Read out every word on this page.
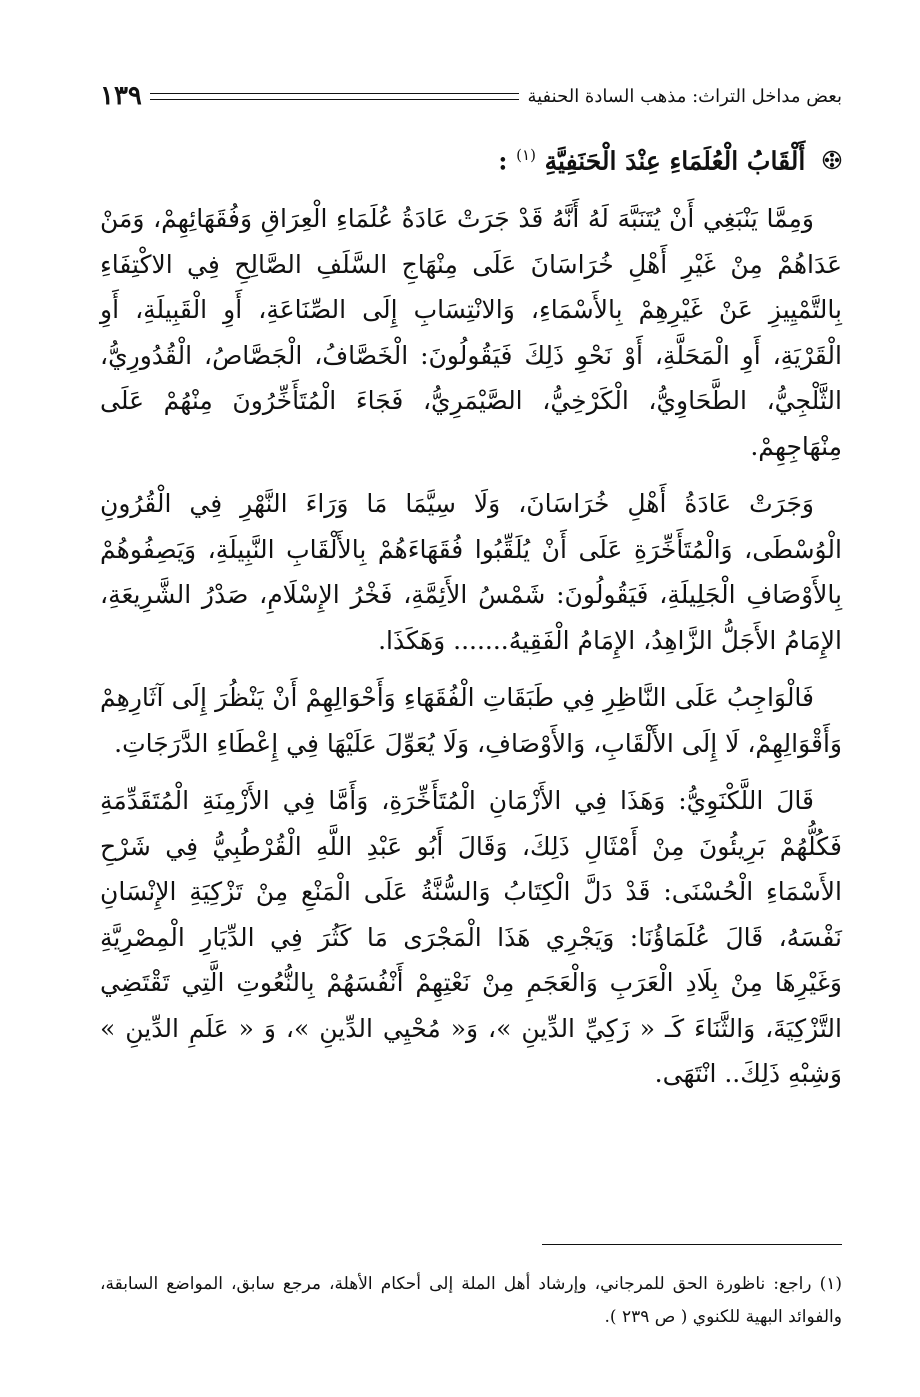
بعض مداخل التراث: مذهب السادة الحنفية
١٣٩
أَلْقَابُ الْعُلَمَاءِ عِنْدَ الْحَنَفِيَّةِ $^{(١)}$ :

وَمِمَّا يَنْبَغِي أَنْ يُتَنَبَّهَ لَهُ أَنَّهُ قَدْ جَرَتْ عَادَةُ عُلَمَاءِ الْعِرَاقِ وَفُقَهَائِهِمْ، وَمَنْ عَدَاهُمْ مِنْ غَيْرِ أَهْلِ خُرَاسَانَ عَلَى مِنْهَاجِ السَّلَفِ الصَّالِحِ فِي الاكْتِفَاءِ بِالتَّمْيِيزِ عَنْ غَيْرِهِمْ بِالأَسْمَاءِ، وَالانْتِسَابِ إِلَى الصِّنَاعَةِ، أَوِ الْقَبِيلَةِ، أَوِ الْقَرْيَةِ، أَوِ الْمَحَلَّةِ، أَوْ نَحْوِ ذَلِكَ فَيَقُولُونَ: الْخَصَّافُ، الْجَصَّاصُ، الْقُدُورِيُّ، الثَّلْجِيُّ، الطَّحَاوِيُّ، الْكَرْخِيُّ، الصَّيْمَرِيُّ، فَجَاءَ الْمُتَأَخِّرُونَ مِنْهُمْ عَلَى مِنْهَاجِهِمْ.

وَجَرَتْ عَادَةُ أَهْلِ خُرَاسَانَ، وَلَا سِيَّمَا مَا وَرَاءَ النَّهْرِ فِي الْقُرُونِ الْوُسْطَى، وَالْمُتَأَخِّرَةِ عَلَى أَنْ يُلَقِّبُوا فُقَهَاءَهُمْ بِالأَلْقَابِ النَّبِيلَةِ، وَيَصِفُوهُمْ بِالأَوْصَافِ الْجَلِيلَةِ، فَيَقُولُونَ: شَمْسُ الأَئِمَّةِ، فَخْرُ الإِسْلَامِ، صَدْرُ الشَّرِيعَةِ، الإِمَامُ الأَجَلُّ الزَّاهِدُ، الإِمَامُ الْفَقِيهُ....... وَهَكَذَا.

فَالْوَاجِبُ عَلَى النَّاظِرِ فِي طَبَقَاتِ الْفُقَهَاءِ وَأَحْوَالِهِمْ أَنْ يَنْظُرَ إِلَى آثَارِهِمْ وَأَقْوَالِهِمْ، لَا إِلَى الأَلْقَابِ، وَالأَوْصَافِ، وَلَا يُعَوِّلَ عَلَيْهَا فِي إِعْطَاءِ الدَّرَجَاتِ.

قَالَ اللَّكْنَوِيُّ: وَهَذَا فِي الأَزْمَانِ الْمُتَأَخِّرَةِ، وَأَمَّا فِي الأَزْمِنَةِ الْمُتَقَدِّمَةِ فَكُلُّهُمْ بَرِيئُونَ مِنْ أَمْثَالِ ذَلِكَ، وَقَالَ أَبُو عَبْدِ اللَّهِ الْقُرْطُبِيُّ فِي شَرْحِ الأَسْمَاءِ الْحُسْنَى: قَدْ دَلَّ الْكِتَابُ وَالسُّنَّةُ عَلَى الْمَنْعِ مِنْ تَزْكِيَةِ الإِنْسَانِ نَفْسَهُ، قَالَ عُلَمَاؤُنَا: وَيَجْرِي هَذَا الْمَجْرَى مَا كَثُرَ فِي الدِّيَارِ الْمِصْرِيَّةِ وَغَيْرِهَا مِنْ بِلَادِ الْعَرَبِ وَالْعَجَمِ مِنْ نَعْتِهِمْ أَنْفُسَهُمْ بِالنُّعُوتِ الَّتِي تَقْتَضِي التَّزْكِيَةَ، وَالثَّنَاءَ كَـ « زَكِيِّ الدِّينِ »، وَ« مُحْيِي الدِّينِ »، وَ « عَلَمِ الدِّينِ » وَشِبْهِ ذَلِكَ.. انْتَهَى.

(١) راجع: ناظورة الحق للمرجاني، وإرشاد أهل الملة إلى أحكام الأهلة، مرجع سابق، المواضع السابقة، والفوائد البهية للكنوي ( ص ٢٣٩ ).
